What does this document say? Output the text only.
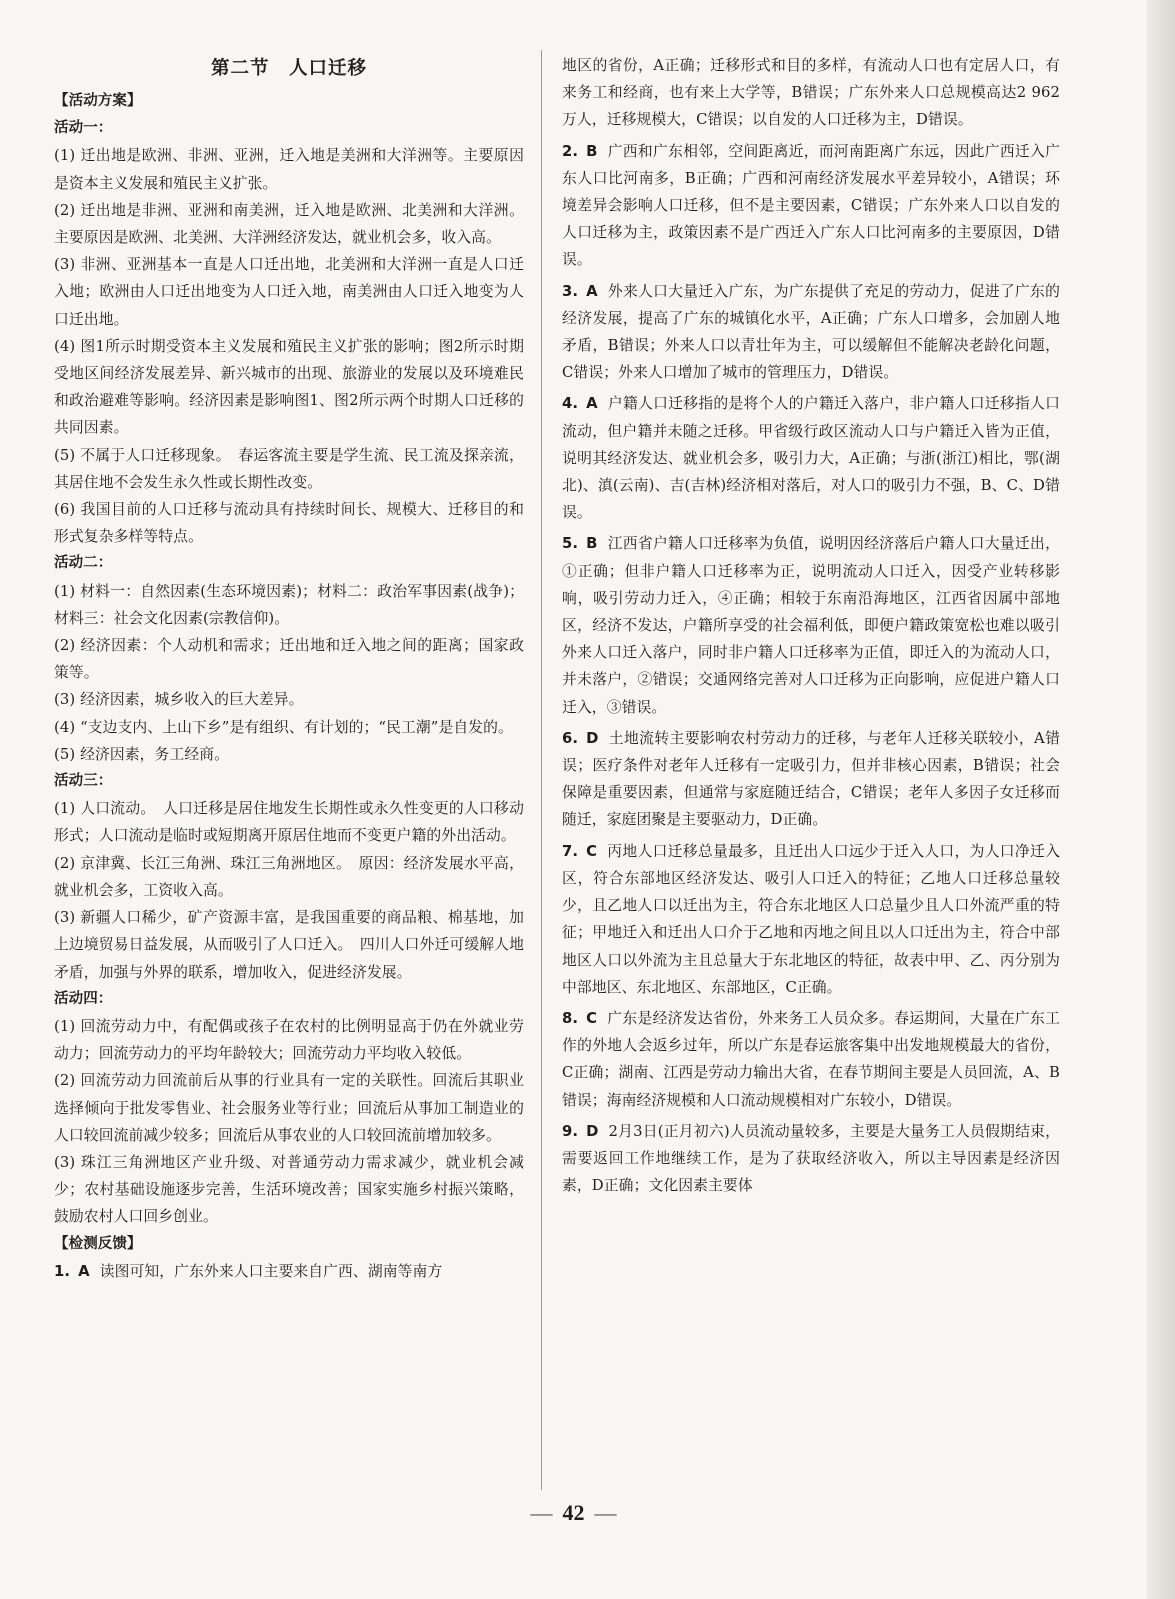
第二节　人口迁移
【活动方案】
活动一：

(1) 迁出地是欧洲、非洲、亚洲，迁入地是美洲和大洋洲等。主要原因是资本主义发展和殖民主义扩张。

(2) 迁出地是非洲、亚洲和南美洲，迁入地是欧洲、北美洲和大洋洲。主要原因是欧洲、北美洲、大洋洲经济发达，就业机会多，收入高。

(3) 非洲、亚洲基本一直是人口迁出地，北美洲和大洋洲一直是人口迁入地；欧洲由人口迁出地变为人口迁入地，南美洲由人口迁入地变为人口迁出地。

(4) 图1所示时期受资本主义发展和殖民主义扩张的影响；图2所示时期受地区间经济发展差异、新兴城市的出现、旅游业的发展以及环境难民和政治避难等影响。经济因素是影响图1、图2所示两个时期人口迁移的共同因素。

(5) 不属于人口迁移现象。　春运客流主要是学生流、民工流及探亲流，其居住地不会发生永久性或长期性改变。

(6) 我国目前的人口迁移与流动具有持续时间长、规模大、迁移目的和形式复杂多样等特点。

活动二：

(1) 材料一：自然因素(生态环境因素)；材料二：政治军事因素(战争)；材料三：社会文化因素(宗教信仰)。

(2) 经济因素：个人动机和需求；迁出地和迁入地之间的距离；国家政策等。

(3) 经济因素，城乡收入的巨大差异。

(4) “支边支内、上山下乡”是有组织、有计划的；“民工潮”是自发的。

(5) 经济因素，务工经商。

活动三：

(1) 人口流动。　人口迁移是居住地发生长期性或永久性变更的人口移动形式；人口流动是临时或短期离开原居住地而不变更户籍的外出活动。

(2) 京津冀、长江三角洲、珠江三角洲地区。　原因：经济发展水平高，就业机会多，工资收入高。

(3) 新疆人口稀少，矿产资源丰富，是我国重要的商品粮、棉基地，加上边境贸易日益发展，从而吸引了人口迁入。　四川人口外迁可缓解人地矛盾，加强与外界的联系，增加收入，促进经济发展。

活动四：

(1) 回流劳动力中，有配偶或孩子在农村的比例明显高于仍在外就业劳动力；回流劳动力的平均年龄较大；回流劳动力平均收入较低。

(2) 回流劳动力回流前后从事的行业具有一定的关联性。回流后其职业选择倾向于批发零售业、社会服务业等行业；回流后从事加工制造业的人口较回流前减少较多；回流后从事农业的人口较回流前增加较多。

(3) 珠江三角洲地区产业升级、对普通劳动力需求减少，就业机会减少；农村基础设施逐步完善，生活环境改善；国家实施乡村振兴策略，鼓励农村人口回乡创业。

【检测反馈】

1. A 读图可知，广东外来人口主要来自广西、湖南等南方

地区的省份，A正确；迁移形式和目的多样，有流动人口也有定居人口，有来务工和经商，也有来上大学等，B错误；广东外来人口总规模高达2 962万人，迁移规模大，C错误；以自发的人口迁移为主，D错误。

2. B 广西和广东相邻，空间距离近，而河南距离广东远，因此广西迁入广东人口比河南多，B正确；广西和河南经济发展水平差异较小，A错误；环境差异会影响人口迁移，但不是主要因素，C错误；广东外来人口以自发的人口迁移为主，政策因素不是广西迁入广东人口比河南多的主要原因，D错误。

3. A 外来人口大量迁入广东，为广东提供了充足的劳动力，促进了广东的经济发展，提高了广东的城镇化水平，A正确；广东人口增多，会加剧人地矛盾，B错误；外来人口以青壮年为主，可以缓解但不能解决老龄化问题，C错误；外来人口增加了城市的管理压力，D错误。

4. A 户籍人口迁移指的是将个人的户籍迁入落户，非户籍人口迁移指人口流动，但户籍并未随之迁移。甲省级行政区流动人口与户籍迁入皆为正值，说明其经济发达、就业机会多，吸引力大，A正确；与浙(浙江)相比，鄂(湖北)、滇(云南)、吉(吉林)经济相对落后，对人口的吸引力不强，B、C、D错误。

5. B 江西省户籍人口迁移率为负值，说明因经济落后户籍人口大量迁出，①正确；但非户籍人口迁移率为正，说明流动人口迁入，因受产业转移影响，吸引劳动力迁入，④正确；相较于东南沿海地区，江西省因属中部地区，经济不发达，户籍所享受的社会福利低，即便户籍政策宽松也难以吸引外来人口迁入落户，同时非户籍人口迁移率为正值，即迁入的为流动人口，并未落户，②错误；交通网络完善对人口迁移为正向影响，应促进户籍人口迁入，③错误。

6. D 土地流转主要影响农村劳动力的迁移，与老年人迁移关联较小，A错误；医疗条件对老年人迁移有一定吸引力，但并非核心因素，B错误；社会保障是重要因素，但通常与家庭随迁结合，C错误；老年人多因子女迁移而随迁，家庭团聚是主要驱动力，D正确。

7. C 丙地人口迁移总量最多，且迁出人口远少于迁入人口，为人口净迁入区，符合东部地区经济发达、吸引人口迁入的特征；乙地人口迁移总量较少，且乙地人口以迁出为主，符合东北地区人口总量少且人口外流严重的特征；甲地迁入和迁出人口介于乙地和丙地之间且以人口迁出为主，符合中部地区人口以外流为主且总量大于东北地区的特征，故表中甲、乙、丙分别为中部地区、东北地区、东部地区，C正确。

8. C 广东是经济发达省份，外来务工人员众多。春运期间，大量在广东工作的外地人会返乡过年，所以广东是春运旅客集中出发地规模最大的省份，C正确；湖南、江西是劳动力输出大省，在春节期间主要是人员回流，A、B错误；海南经济规模和人口流动规模相对广东较小，D错误。

9. D 2月3日(正月初六)人员流动量较多，主要是大量务工人员假期结束，需要返回工作地继续工作，是为了获取经济收入，所以主导因素是经济因素，D正确；文化因素主要体

— 42 —
